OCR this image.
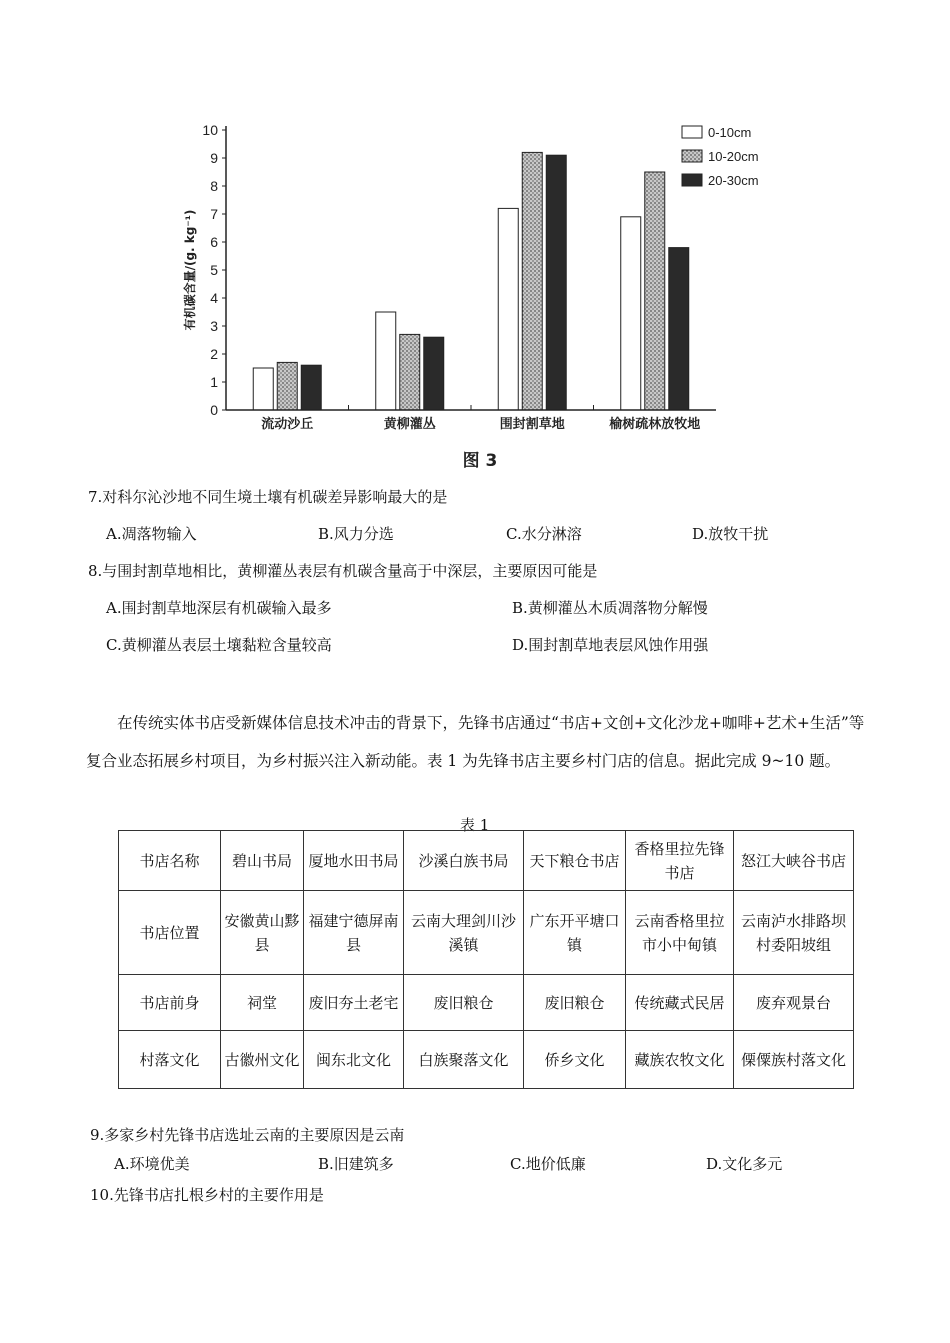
0
1
2
3
4
5
6
7
8
9
10
有机碳含量/(g. kg⁻¹)
流动沙丘	黄柳灌丛	围封割草地	榆树疏林放牧地
0-10cm
10-20cm
20-30cm
图 3
7.对科尔沁沙地不同生境土壤有机碳差异影响最大的是
A.凋落物输入	B.风力分选	C.水分淋溶	D.放牧干扰
8.与围封割草地相比，黄柳灌丛表层有机碳含量高于中深层，主要原因可能是
A.围封割草地深层有机碳输入最多	B.黄柳灌丛木质凋落物分解慢
C.黄柳灌丛表层土壤黏粒含量较高	D.围封割草地表层风蚀作用强
在传统实体书店受新媒体信息技术冲击的背景下，先锋书店通过“书店+文创+文化沙龙+咖啡+艺术+生活”等复合业态拓展乡村项目，为乡村振兴注入新动能。表 1 为先锋书店主要乡村门店的信息。据此完成 9~10 题。
表 1
书店名称	碧山书局	厦地水田书局	沙溪白族书局	天下粮仓书店	香格里拉先锋书店	怒江大峡谷书店
书店位置	安徽黄山黟县	福建宁德屏南县	云南大理剑川沙溪镇	广东开平塘口镇	云南香格里拉市小中甸镇	云南泸水排路坝村委阳坡组
书店前身	祠堂	废旧夯土老宅	废旧粮仓	废旧粮仓	传统藏式民居	废弃观景台
村落文化	古徽州文化	闽东北文化	白族聚落文化	侨乡文化	藏族农牧文化	傈僳族村落文化
9.多家乡村先锋书店选址云南的主要原因是云南
A.环境优美	B.旧建筑多	C.地价低廉	D.文化多元
10.先锋书店扎根乡村的主要作用是
